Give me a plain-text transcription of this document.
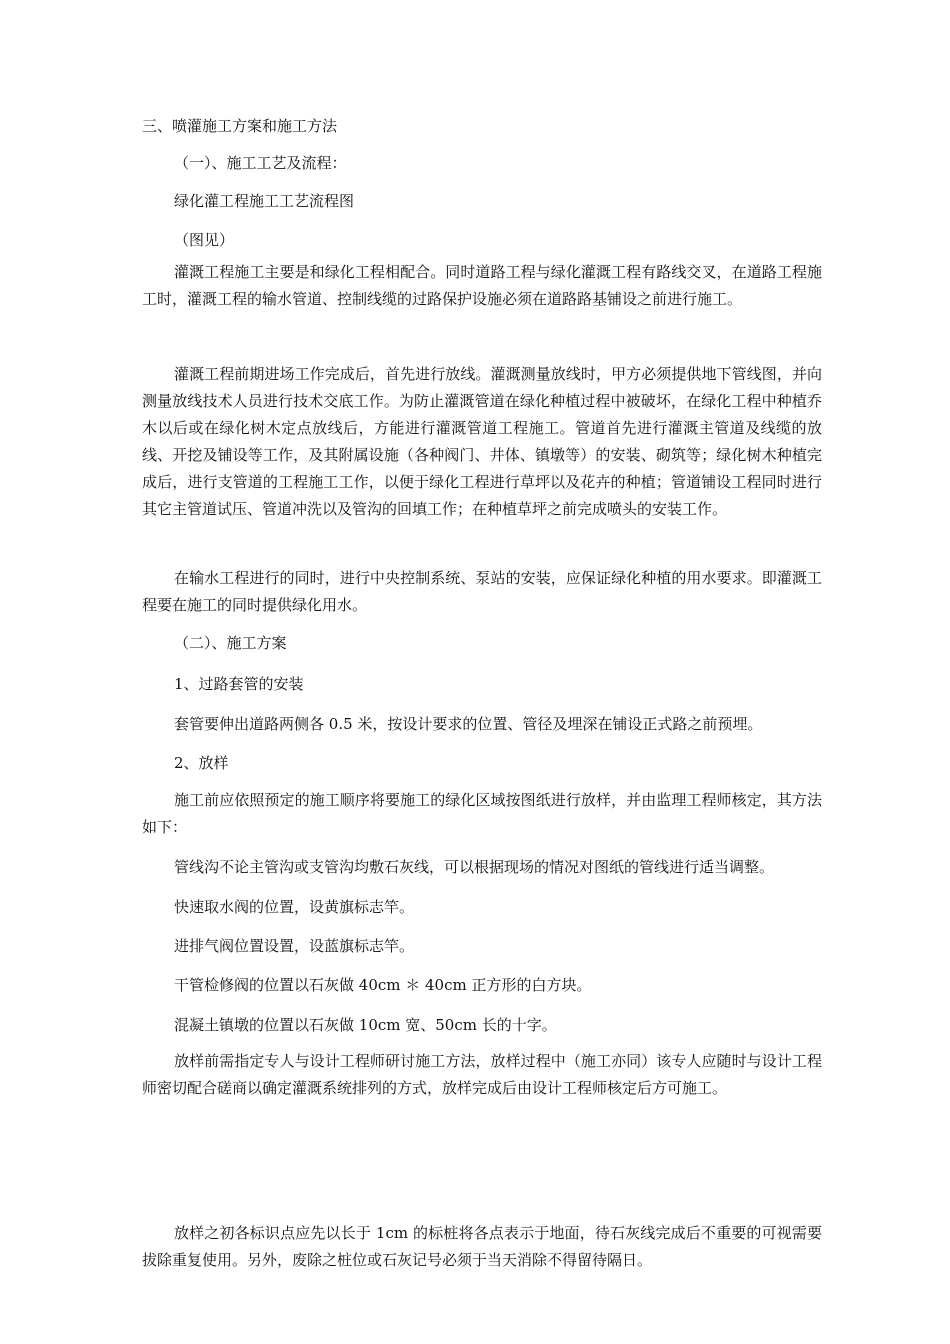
三、喷灌施工方案和施工方法
（一）、施工工艺及流程：
绿化灌工程施工工艺流程图
（图见）
灌溉工程施工主要是和绿化工程相配合。同时道路工程与绿化灌溉工程有路线交叉，在道路工程施工时，灌溉工程的输水管道、控制线缆的过路保护设施必须在道路路基铺设之前进行施工。
灌溉工程前期进场工作完成后，首先进行放线。灌溉测量放线时，甲方必须提供地下管线图，并向测量放线技术人员进行技术交底工作。为防止灌溉管道在绿化种植过程中被破坏，在绿化工程中种植乔木以后或在绿化树木定点放线后，方能进行灌溉管道工程施工。管道首先进行灌溉主管道及线缆的放线、开挖及铺设等工作，及其附属设施（各种阀门、井体、镇墩等）的安装、砌筑等；绿化树木种植完成后，进行支管道的工程施工工作，以便于绿化工程进行草坪以及花卉的种植；管道铺设工程同时进行其它主管道试压、管道冲洗以及管沟的回填工作；在种植草坪之前完成喷头的安装工作。
在输水工程进行的同时，进行中央控制系统、泵站的安装，应保证绿化种植的用水要求。即灌溉工程要在施工的同时提供绿化用水。
（二）、施工方案
1、过路套管的安装
套管要伸出道路两侧各 0.5 米，按设计要求的位置、管径及埋深在铺设正式路之前预埋。
2、放样
施工前应依照预定的施工顺序将要施工的绿化区域按图纸进行放样，并由监理工程师核定，其方法如下：
管线沟不论主管沟或支管沟均敷石灰线，可以根据现场的情况对图纸的管线进行适当调整。
快速取水阀的位置，设黄旗标志竿。
进排气阀位置设置，设蓝旗标志竿。
干管检修阀的位置以石灰做 40cm ＊ 40cm 正方形的白方块。
混凝土镇墩的位置以石灰做 10cm 宽、50cm 长的十字。
放样前需指定专人与设计工程师研讨施工方法，放样过程中（施工亦同）该专人应随时与设计工程师密切配合磋商以确定灌溉系统排列的方式，放样完成后由设计工程师核定后方可施工。
放样之初各标识点应先以长于 1cm 的标桩将各点表示于地面，待石灰线完成后不重要的可视需要拔除重复使用。另外，废除之桩位或石灰记号必须于当天消除不得留待隔日。
